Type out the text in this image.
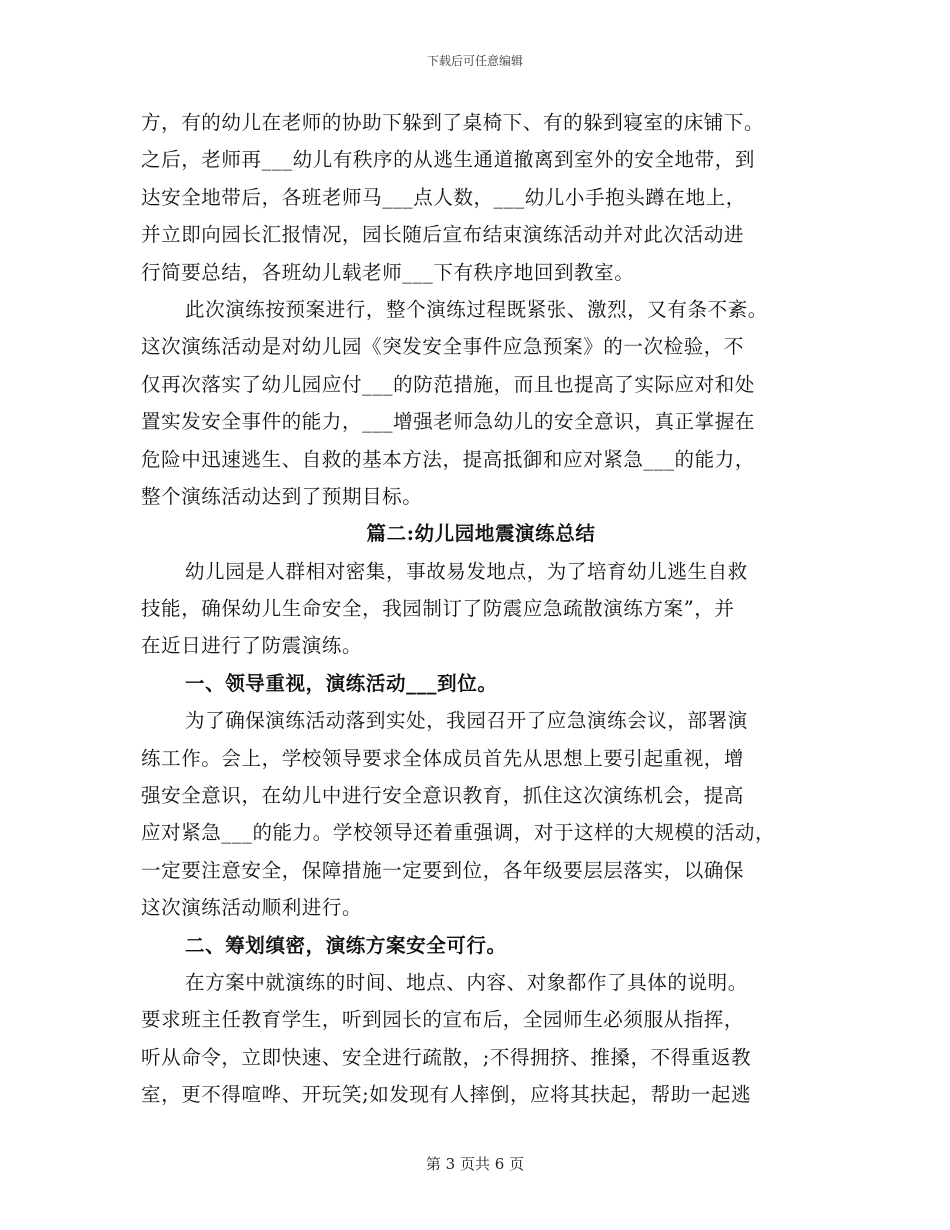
下载后可任意编辑
方，有的幼儿在老师的协助下躲到了桌椅下、有的躲到寝室的床铺下。
之后，老师再___幼儿有秩序的从逃生通道撤离到室外的安全地带，到
达安全地带后，各班老师马___点人数，___幼儿小手抱头蹲在地上，
并立即向园长汇报情况，园长随后宣布结束演练活动并对此次活动进
行简要总结，各班幼儿载老师___下有秩序地回到教室。
此次演练按预案进行，整个演练过程既紧张、激烈，又有条不紊。
这次演练活动是对幼儿园《突发安全事件应急预案》的一次检验，不
仅再次落实了幼儿园应付___的防范措施，而且也提高了实际应对和处
置实发安全事件的能力，___增强老师急幼儿的安全意识，真正掌握在
危险中迅速逃生、自救的基本方法，提高抵御和应对紧急___的能力，
整个演练活动达到了预期目标。
篇二:幼儿园地震演练总结
幼儿园是人群相对密集，事故易发地点，为了培育幼儿逃生自救
技能，确保幼儿生命安全，我园制订了防震应急疏散演练方案”，并
在近日进行了防震演练。
一、领导重视，演练活动___到位。
为了确保演练活动落到实处，我园召开了应急演练会议，部署演
练工作。会上，学校领导要求全体成员首先从思想上要引起重视，增
强安全意识，在幼儿中进行安全意识教育，抓住这次演练机会，提高
应对紧急___的能力。学校领导还着重强调，对于这样的大规模的活动，
一定要注意安全，保障措施一定要到位，各年级要层层落实，以确保
这次演练活动顺利进行。
二、筹划缜密，演练方案安全可行。
在方案中就演练的时间、地点、内容、对象都作了具体的说明。
要求班主任教育学生，听到园长的宣布后，全园师生必须服从指挥，
听从命令，立即快速、安全进行疏散，;不得拥挤、推搡，不得重返教
室，更不得喧哗、开玩笑;如发现有人摔倒，应将其扶起，帮助一起逃
第 3 页共 6 页
